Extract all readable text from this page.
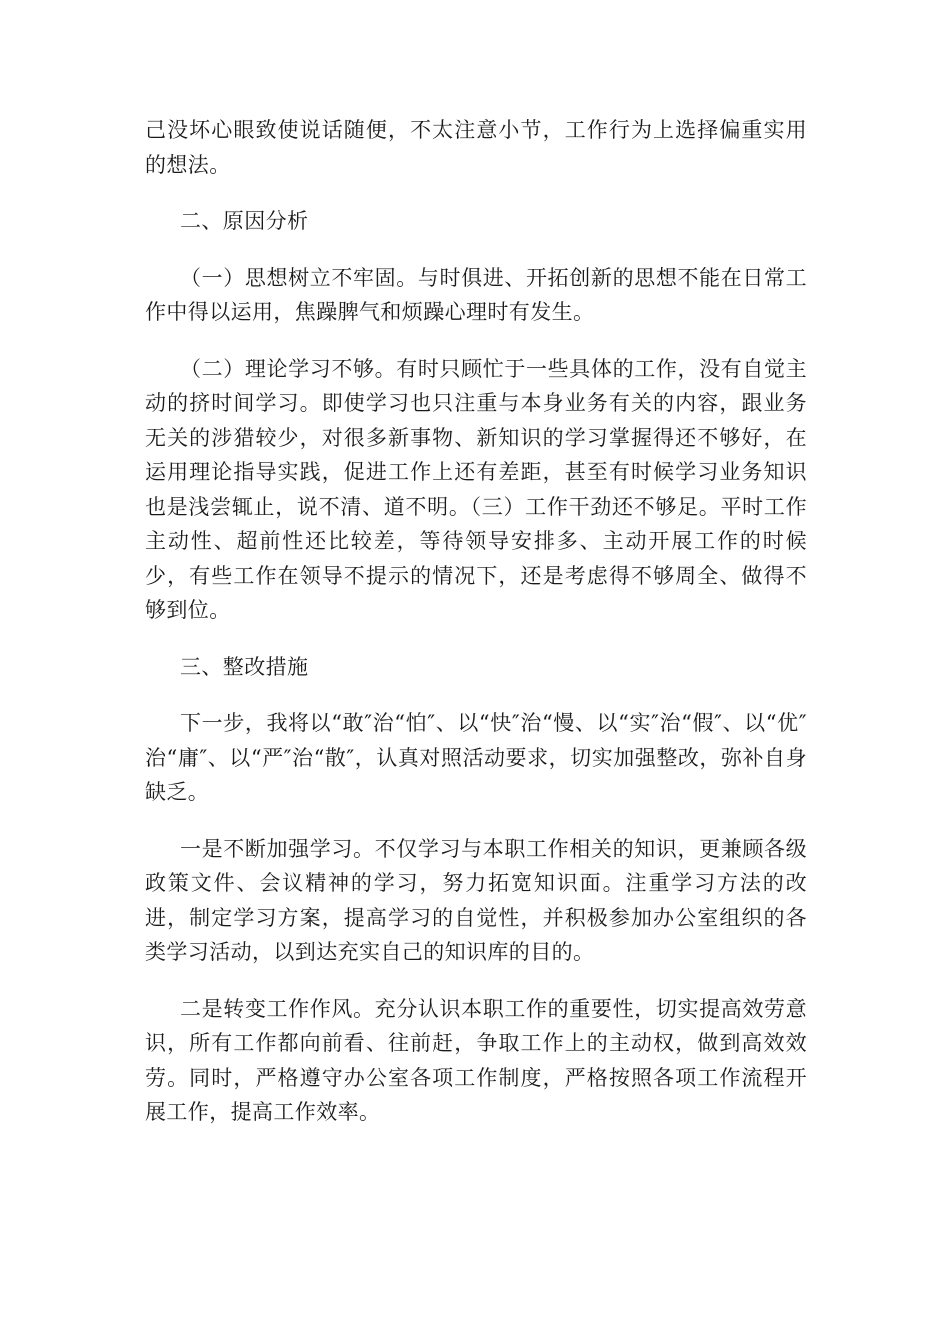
己没坏心眼致使说话随便，不太注意小节，工作行为上选择偏重实用的想法。

二、原因分析

（一）思想树立不牢固。与时俱进、开拓创新的思想不能在日常工作中得以运用，焦躁脾气和烦躁心理时有发生。

（二）理论学习不够。有时只顾忙于一些具体的工作，没有自觉主动的挤时间学习。即使学习也只注重与本身业务有关的内容，跟业务无关的涉猎较少，对很多新事物、新知识的学习掌握得还不够好，在运用理论指导实践，促进工作上还有差距，甚至有时候学习业务知识也是浅尝辄止，说不清、道不明。（三）工作干劲还不够足。平时工作主动性、超前性还比较差，等待领导安排多、主动开展工作的时候少，有些工作在领导不提示的情况下，还是考虑得不够周全、做得不够到位。

三、整改措施

下一步，我将以“敢″治“怕″、以“快″治“慢、以“实″治“假″、以“优″治“庸″、以“严″治“散″，认真对照活动要求，切实加强整改，弥补自身缺乏。

一是不断加强学习。不仅学习与本职工作相关的知识，更兼顾各级政策文件、会议精神的学习，努力拓宽知识面。注重学习方法的改进，制定学习方案，提高学习的自觉性，并积极参加办公室组织的各类学习活动，以到达充实自己的知识库的目的。

二是转变工作作风。充分认识本职工作的重要性，切实提高效劳意识，所有工作都向前看、往前赶，争取工作上的主动权，做到高效效劳。同时，严格遵守办公室各项工作制度，严格按照各项工作流程开展工作，提高工作效率。
